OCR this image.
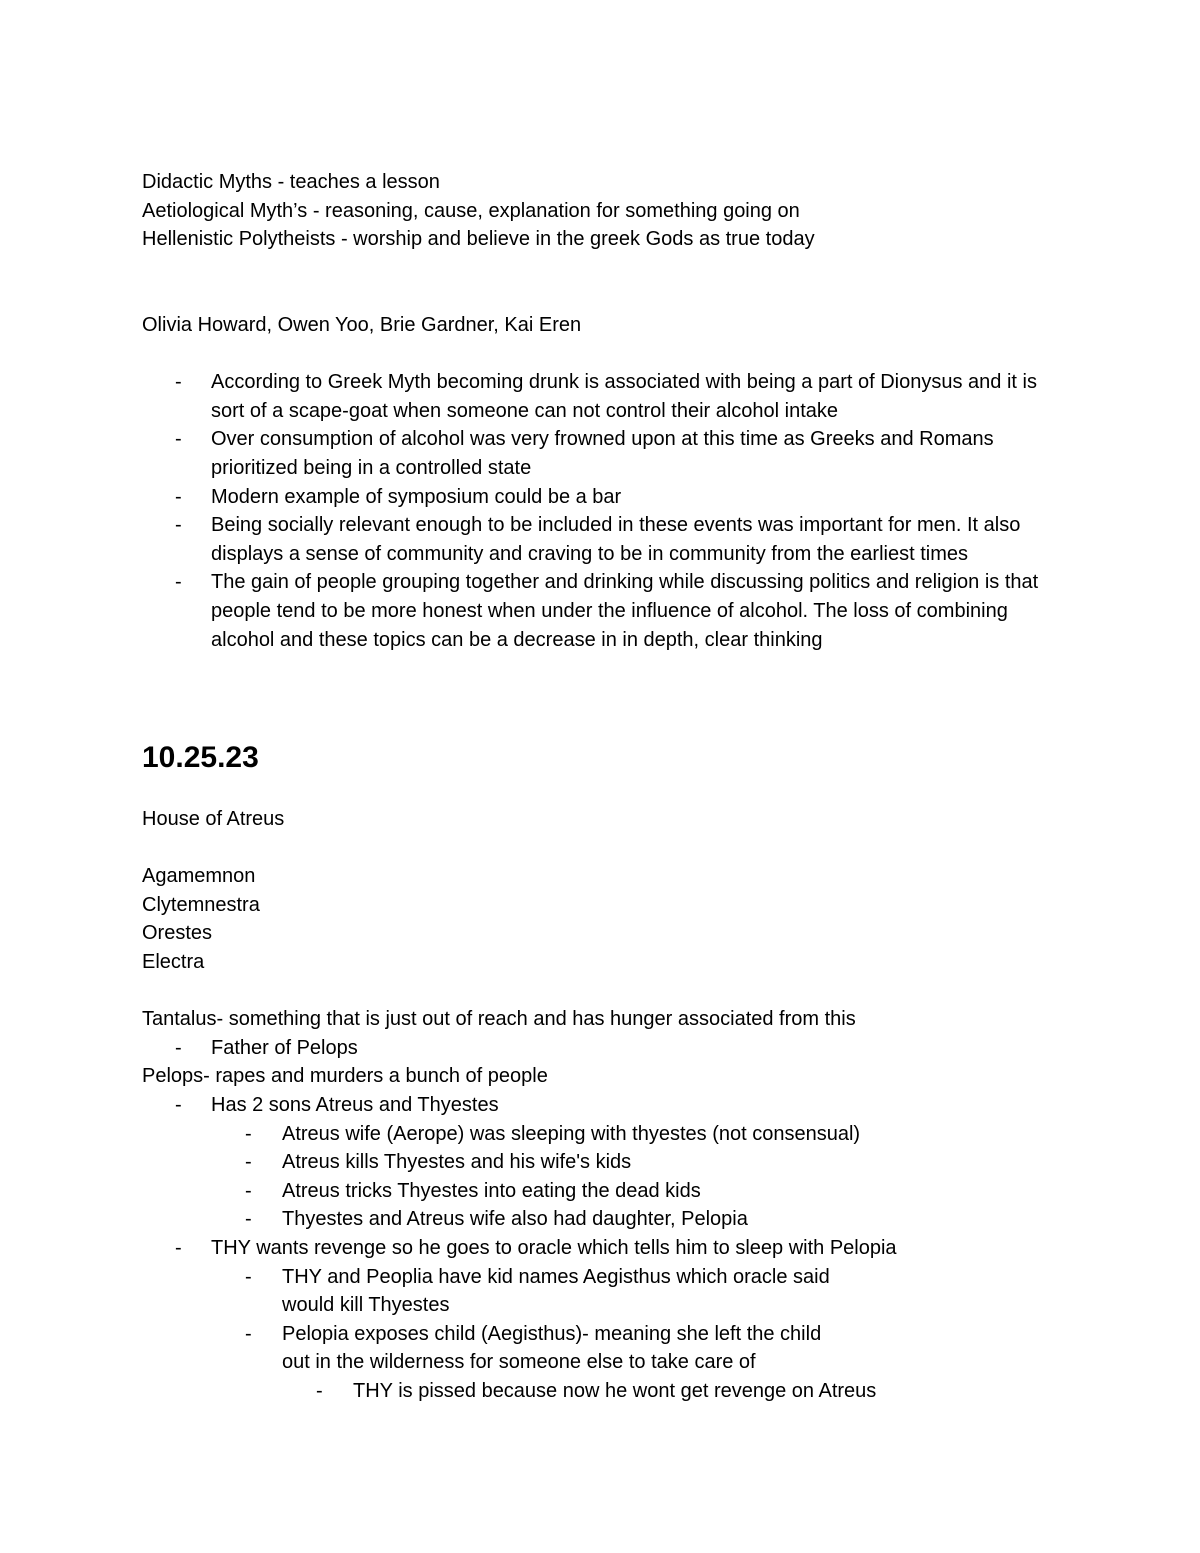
Didactic Myths - teaches a lesson

Aetiological Myth’s - reasoning, cause, explanation for something going on

Hellenistic Polytheists - worship and believe in the greek Gods as true today

Olivia Howard, Owen Yoo, Brie Gardner, Kai Eren

- According to Greek Myth becoming drunk is associated with being a part of Dionysus and it is sort of a scape-goat when someone can not control their alcohol intake
- Over consumption of alcohol was very frowned upon at this time as Greeks and Romans prioritized being in a controlled state
- Modern example of symposium could be a bar
- Being socially relevant enough to be included in these events was important for men. It also displays a sense of community and craving to be in community from the earliest times
- The gain of people grouping together and drinking while discussing politics and religion is that people tend to be more honest when under the influence of alcohol. The loss of combining alcohol and these topics can be a decrease in in depth, clear thinking
10.25.23

House of Atreus

Agamemnon

Clytemnestra

Orestes

Electra

Tantalus- something that is just out of reach and has hunger associated from this

- Father of Pelops

Pelops- rapes and murders a bunch of people

- Has 2 sons Atreus and Thyestes
- Atreus wife (Aerope) was sleeping with thyestes (not consensual)
- Atreus kills Thyestes and his wife's kids
- Atreus tricks Thyestes into eating the dead kids
- Thyestes and Atreus wife also had daughter, Pelopia
- THY wants revenge so he goes to oracle which tells him to sleep with Pelopia
- THY and Peoplia have kid names Aegisthus which oracle said would kill Thyestes
- Pelopia exposes child (Aegisthus)- meaning she left the child out in the wilderness for someone else to take care of
- THY is pissed because now he wont get revenge on Atreus
